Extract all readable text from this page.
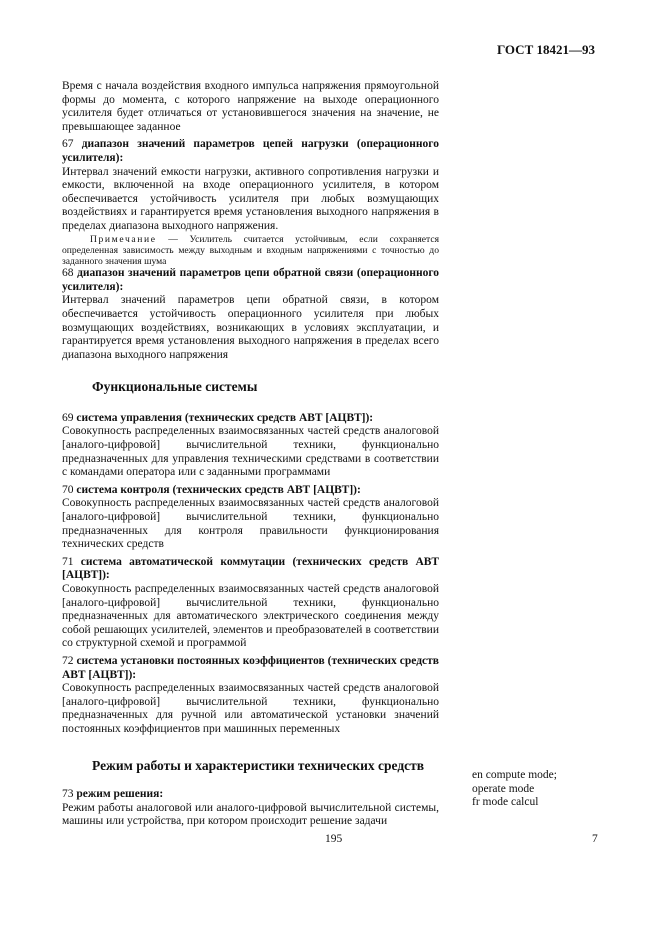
ГОСТ 18421—93

Время с начала воздействия входного импульса напряжения прямоугольной формы до момента, с которого напряжение на выходе операционного усилителя будет отличаться от установившегося значения на значение, не превышающее заданное

67 диапазон значений параметров цепей нагрузки (операционного усилителя):

Интервал значений емкости нагрузки, активного сопротивления нагрузки и емкости, включенной на входе операционного усилителя, в котором обеспечивается устойчивость усилителя при любых возмущающих воздействиях и гарантируется время установления выходного напряжения в пределах диапазона выходного напряжения.

Примечание — Усилитель считается устойчивым, если сохраняется определенная зависимость между выходным и входным напряжениями с точностью до заданного значения шума

68 диапазон значений параметров цепи обратной связи (операционного усилителя):

Интервал значений параметров цепи обратной связи, в котором обеспечивается устойчивость операционного усилителя при любых возмущающих воздействиях, возникающих в условиях эксплуатации, и гарантируется время установления выходного напряжения в пределах всего диапазона выходного напряжения

Функциональные системы

69 система управления (технических средств АВТ [АЦВТ]):

Совокупность распределенных взаимосвязанных частей средств аналоговой [аналого-цифровой] вычислительной техники, функционально предназначенных для управления техническими средствами в соответствии с командами оператора или с заданными программами

70 система контроля (технических средств АВТ [АЦВТ]):

Совокупность распределенных взаимосвязанных частей средств аналоговой [аналого-цифровой] вычислительной техники, функционально предназначенных для контроля правильности функционирования технических средств

71 система автоматической коммутации (технических средств АВТ [АЦВТ]):

Совокупность распределенных взаимосвязанных частей средств аналоговой [аналого-цифровой] вычислительной техники, функционально предназначенных для автоматического электрического соединения между собой решающих усилителей, элементов и преобразователей в соответствии со структурной схемой и программой

72 система установки постоянных коэффициентов (технических средств АВТ [АЦВТ]):

Совокупность распределенных взаимосвязанных частей средств аналоговой [аналого-цифровой] вычислительной техники, функционально предназначенных для ручной или автоматической установки значений постоянных коэффициентов при машинных переменных

Режим работы и характеристики технических средств

73 режим решения:

Режим работы аналоговой или аналого-цифровой вычислительной системы, машины или устройства, при котором происходит решение задачи

en compute mode;
operate mode
fr mode calcul
195	7
